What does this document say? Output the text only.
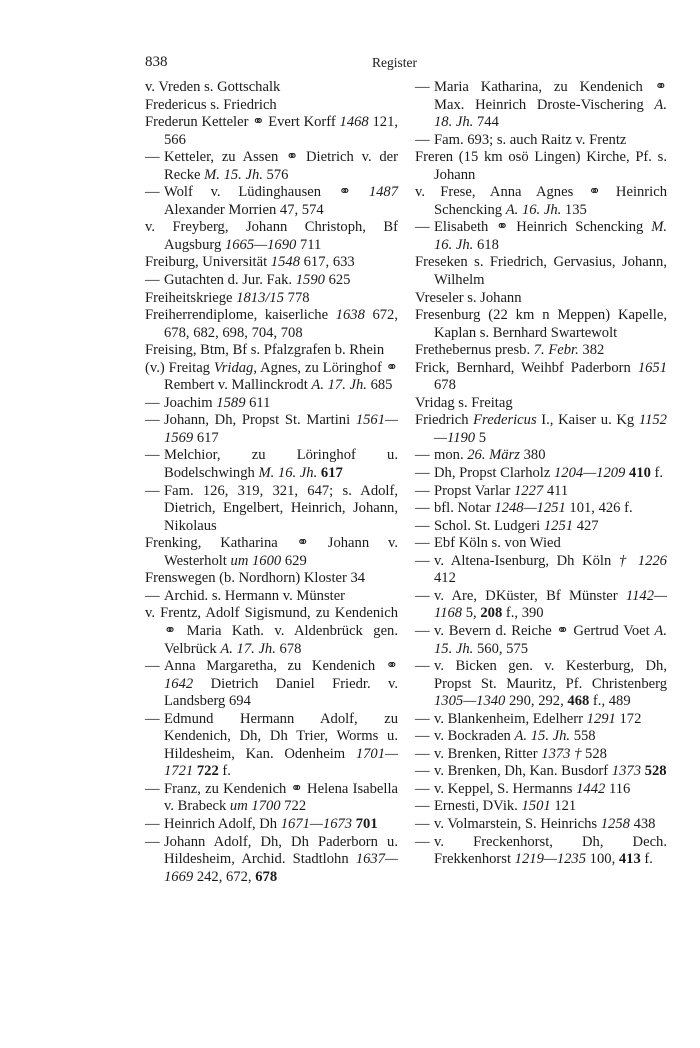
838	Register

v. Vreden s. Gottschalk

Fredericus s. Friedrich

Frederun Ketteler ⚭ Evert Korff 1468 121, 566

— Ketteler, zu Assen ⚭ Dietrich v. der Recke M. 15. Jh. 576

— Wolf v. Lüdinghausen ⚭ 1487 Alexander Morrien 47, 574

v. Freyberg, Johann Christoph, Bf Augsburg 1665—1690 711

Freiburg, Universität 1548 617, 633

— Gutachten d. Jur. Fak. 1590 625

Freiheitskriege 1813/15 778

Freiherrendiplome, kaiserliche 1638 672, 678, 682, 698, 704, 708

Freising, Btm, Bf s. Pfalzgrafen b. Rhein

(v.) Freitag Vridag, Agnes, zu Löringhof ⚭ Rembert v. Mallinckrodt A. 17. Jh. 685

— Joachim 1589 611

— Johann, Dh, Propst St. Martini 1561—1569 617

— Melchior, zu Löringhof u. Bodelschwingh M. 16. Jh. 617

— Fam. 126, 319, 321, 647; s. Adolf, Dietrich, Engelbert, Heinrich, Johann, Nikolaus

Frenking, Katharina ⚭ Johann v. Westerholt um 1600 629

Frenswegen (b. Nordhorn) Kloster 34

— Archid. s. Hermann v. Münster

v. Frentz, Adolf Sigismund, zu Kendenich ⚭ Maria Kath. v. Aldenbrück gen. Velbrück A. 17. Jh. 678

— Anna Margaretha, zu Kendenich ⚭ 1642 Dietrich Daniel Friedr. v. Landsberg 694

— Edmund Hermann Adolf, zu Kendenich, Dh, Dh Trier, Worms u. Hildesheim, Kan. Odenheim 1701—1721 722 f.

— Franz, zu Kendenich ⚭ Helena Isabella v. Brabeck um 1700 722

— Heinrich Adolf, Dh 1671—1673 701

— Johann Adolf, Dh, Dh Paderborn u. Hildesheim, Archid. Stadtlohn 1637—1669 242, 672, 678

— Maria Katharina, zu Kendenich ⚭ Max. Heinrich Droste-Vischering A. 18. Jh. 744

— Fam. 693; s. auch Raitz v. Frentz

Freren (15 km osö Lingen) Kirche, Pf. s. Johann

v. Frese, Anna Agnes ⚭ Heinrich Schencking A. 16. Jh. 135

— Elisabeth ⚭ Heinrich Schencking M. 16. Jh. 618

Freseken s. Friedrich, Gervasius, Johann, Wilhelm

Vreseler s. Johann

Fresenburg (22 km n Meppen) Kapelle, Kaplan s. Bernhard Swartewolt

Frethebernus presb. 7. Febr. 382

Frick, Bernhard, Weihbf Paderborn 1651 678

Vridag s. Freitag

Friedrich Fredericus I., Kaiser u. Kg 1152—1190 5

— mon. 26. März 380

— Dh, Propst Clarholz 1204—1209 410 f.

— Propst Varlar 1227 411

— bfl. Notar 1248—1251 101, 426 f.

— Schol. St. Ludgeri 1251 427

— Ebf Köln s. von Wied

— v. Altena-Isenburg, Dh Köln † 1226 412

— v. Are, DKüster, Bf Münster 1142—1168 5, 208 f., 390

— v. Bevern d. Reiche ⚭ Gertrud Voet A. 15. Jh. 560, 575

— v. Bicken gen. v. Kesterburg, Dh, Propst St. Mauritz, Pf. Christenberg 1305—1340 290, 292, 468 f., 489

— v. Blankenheim, Edelherr 1291 172

— v. Bockraden A. 15. Jh. 558

— v. Brenken, Ritter 1373 † 528

— v. Brenken, Dh, Kan. Busdorf 1373 528

— v. Keppel, S. Hermanns 1442 116

— Ernesti, DVik. 1501 121

— v. Volmarstein, S. Heinrichs 1258 438

— v. Freckenhorst, Dh, Dech. Frekkenhorst 1219—1235 100, 413 f.
